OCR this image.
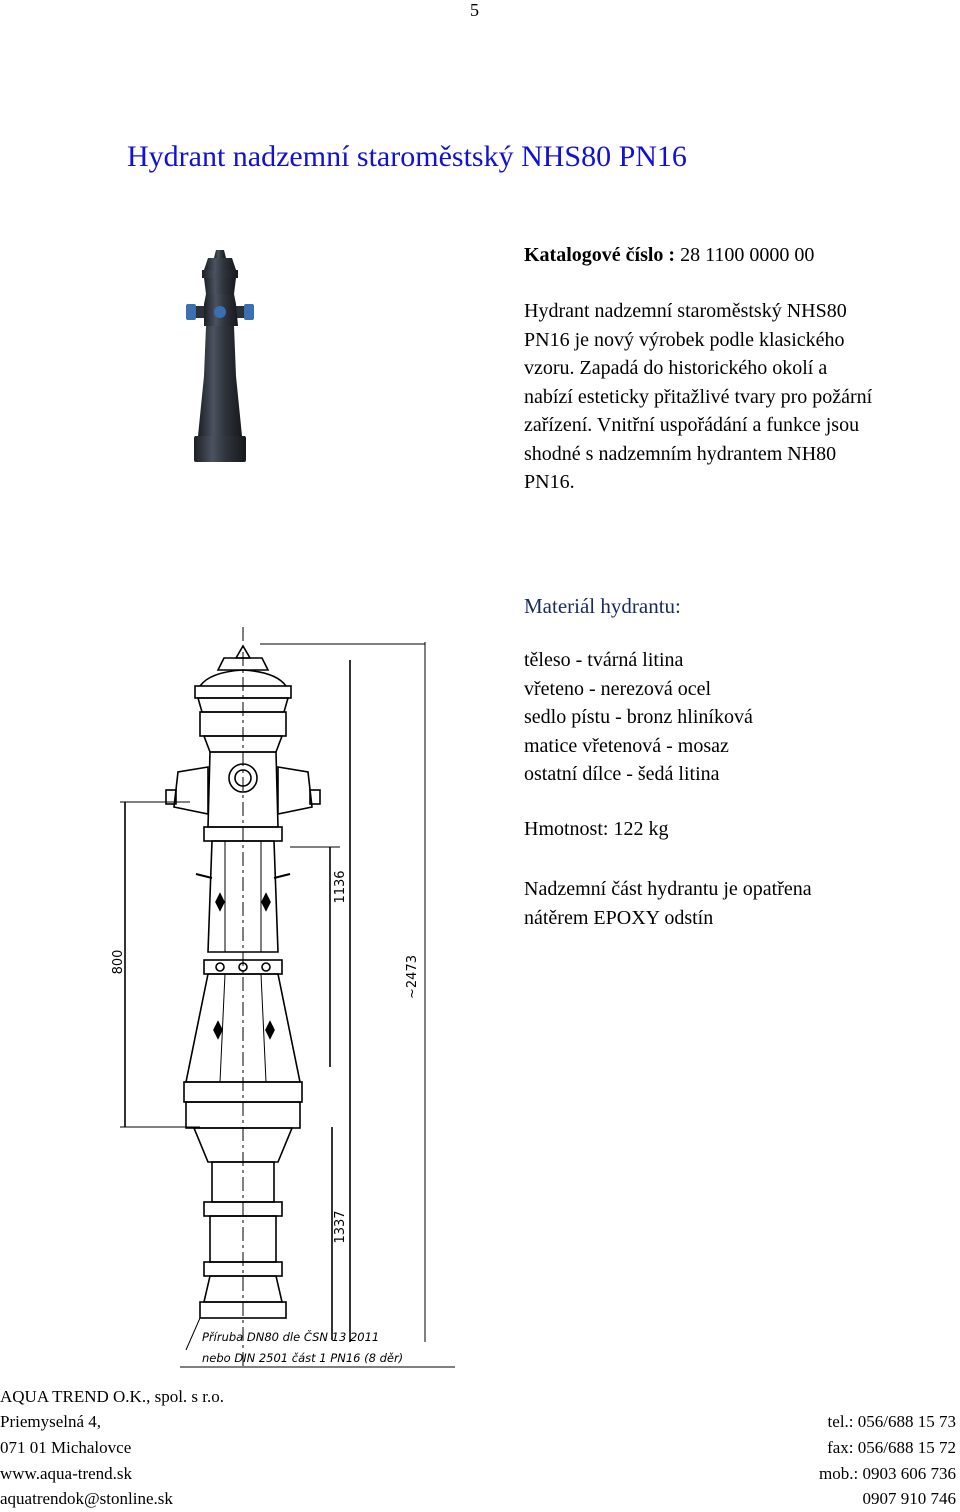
5
Hydrant nadzemní staroměstský NHS80 PN16
Katalogové číslo : 28 1100 0000 00
Hydrant nadzemní staroměstský NHS80
PN16 je nový výrobek podle klasického
vzoru. Zapadá do historického okolí a
nabízí esteticky přitažlivé tvary pro požární
zařízení. Vnitřní uspořádání a funkce jsou
shodné s nadzemním hydrantem NH80
PN16.
Materiál hydrantu:
těleso - tvárná litina
vřeteno - nerezová ocel
sedlo pístu - bronz hliníková
matice vřetenová - mosaz
ostatní dílce - šedá litina
Hmotnost: 122 kg
Nadzemní část hydrantu je opatřena
nátěrem EPOXY odstín
800
1136
~2473
1337
Příruba DN80 dle ČSN 13 2011
nebo DIN 2501 část 1 PN16 (8 děr)
AQUA TREND O.K., spol. s r.o.
Priemyselná 4,
071 01 Michalovce
www.aqua-trend.sk
aquatrendok@stonline.sk
tel.: 056/688 15 73
fax: 056/688 15 72
mob.: 0903 606 736
0907 910 746
